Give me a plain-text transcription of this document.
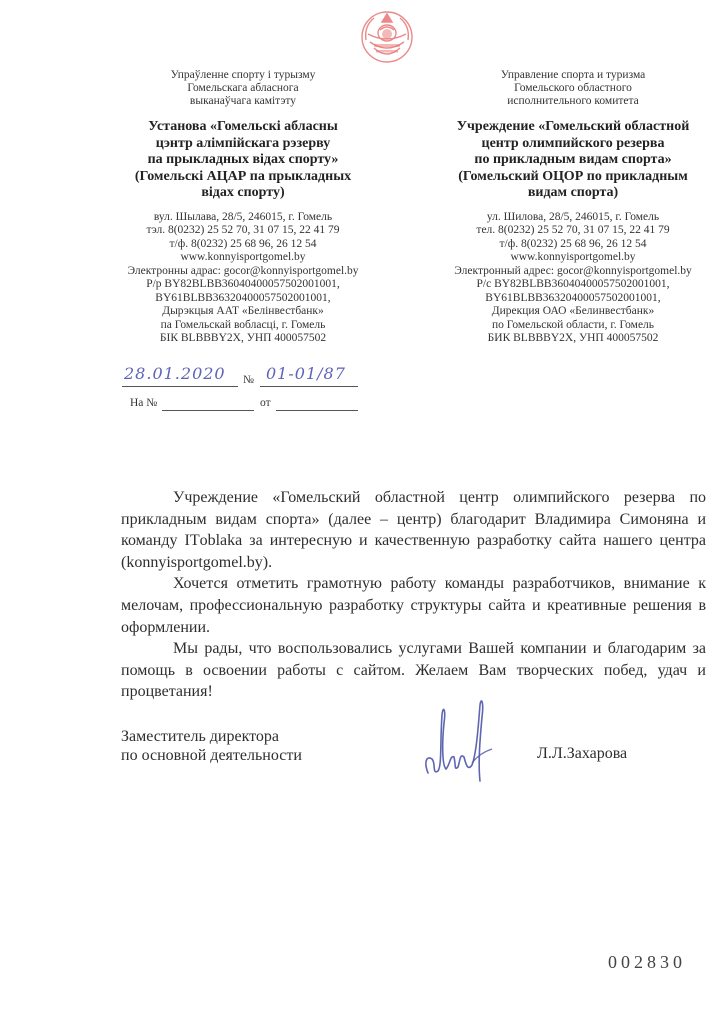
Упраўленне спорту і турызму
Гомельскага абласнога
выканаўчага камітэту
Установа «Гомельскі абласны
цэнтр алімпійскага рэзерву
па прыкладных відах спорту»
(Гомельскі АЦАР па прыкладных
відах спорту)
вул. Шылава, 28/5, 246015, г. Гомель
тэл. 8(0232) 25 52 70, 31 07 15, 22 41 79
т/ф. 8(0232) 25 68 96, 26 12 54
www.konnyisportgomel.by
Электронны адрас: gocor@konnyisportgomel.by
Р/р BY82BLBB36040400057502001001,
BY61BLBB36320400057502001001,
Дырэкцыя ААТ «Белінвестбанк»
па Гомельскай вобласці, г. Гомель
БІК BLBBBY2X, УНП 400057502
Управление спорта и туризма
Гомельского областного
исполнительного комитета
Учреждение «Гомельский областной
центр олимпийского резерва
по прикладным видам спорта»
(Гомельский ОЦОР по прикладным
видам спорта)
ул. Шилова, 28/5, 246015, г. Гомель
тел. 8(0232) 25 52 70, 31 07 15, 22 41 79
т/ф. 8(0232) 25 68 96, 26 12 54
www.konnyisportgomel.by
Электронный адрес: gocor@konnyisportgomel.by
Р/с BY82BLBB36040400057502001001,
BY61BLBB36320400057502001001,
Дирекция ОАО «Белинвестбанк»
по Гомельской области, г. Гомель
БИК BLBBBY2X, УНП 400057502
28.01.2020 № 01-01/87
На №	от

Учреждение «Гомельский областной центр олимпийского резерва по прикладным видам спорта» (далее – центр) благодарит Владимира Симоняна и команду ITоblaka за интересную и качественную разработку сайта нашего центра (konnyisportgomel.by).

Хочется отметить грамотную работу команды разработчиков, внимание к мелочам, профессиональную разработку структуры сайта и креативные решения в оформлении.

Мы рады, что воспользовались услугами Вашей компании и благодарим за помощь в освоении работы с сайтом. Желаем Вам творческих побед, удач и процветания!

Заместитель директора
по основной деятельности	Л.Л.Захарова
002830
